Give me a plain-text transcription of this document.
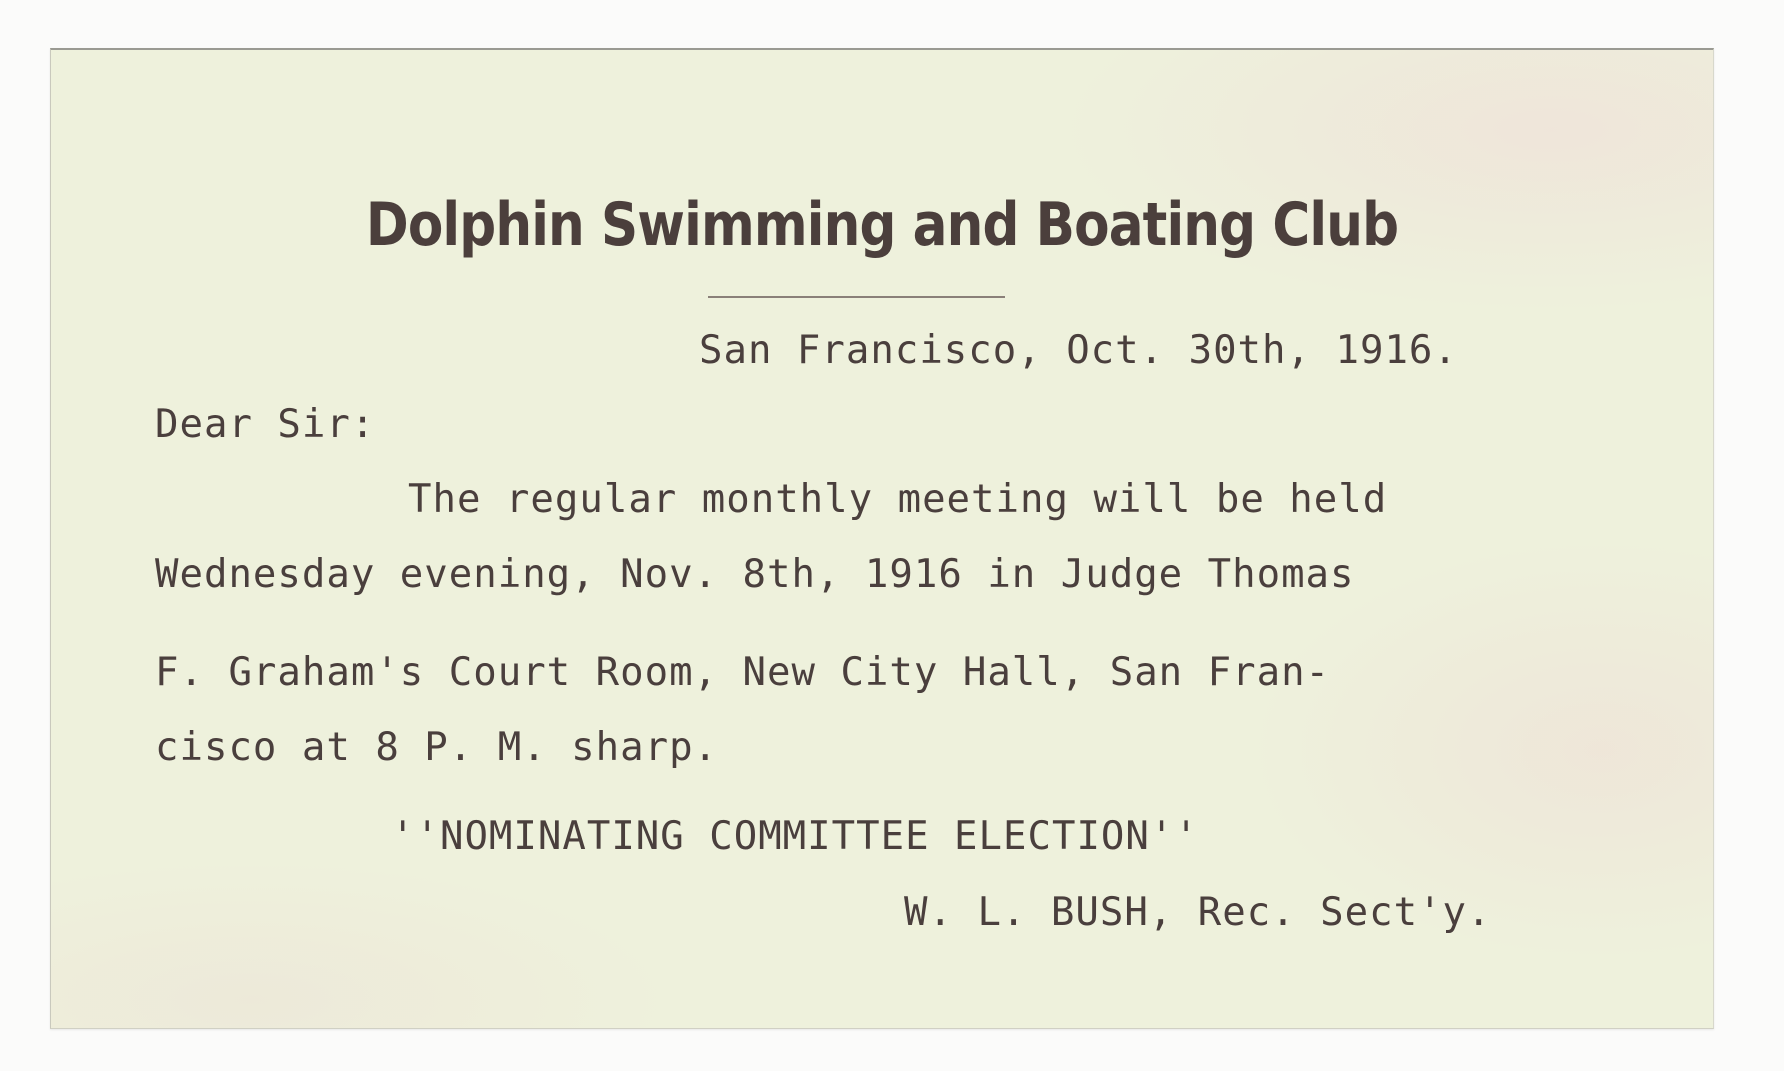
Dolphin Swimming and Boating Club
San Francisco, Oct. 30th, 1916.
Dear Sir:
The regular monthly meeting will be held
Wednesday evening, Nov. 8th, 1916 in Judge Thomas
F. Graham's Court Room, New City Hall, San Fran-
cisco at 8 P. M. sharp.
''NOMINATING COMMITTEE ELECTION''
W. L. BUSH, Rec. Sect'y.
